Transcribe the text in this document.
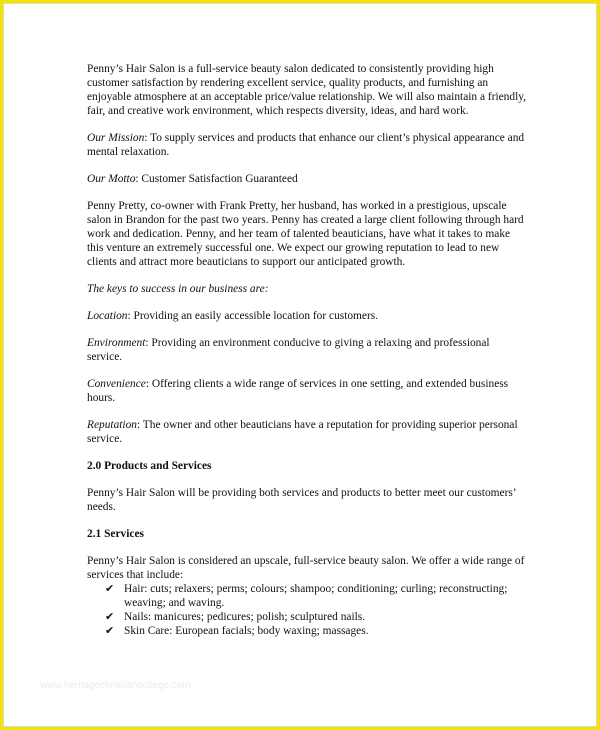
Penny’s Hair Salon is a full-service beauty salon dedicated to consistently providing high customer satisfaction by rendering excellent service, quality products, and furnishing an enjoyable atmosphere at an acceptable price/value relationship. We will also maintain a friendly, fair, and creative work environment, which respects diversity, ideas, and hard work.

Our Mission: To supply services and products that enhance our client’s physical appearance and mental relaxation.

Our Motto: Customer Satisfaction Guaranteed

Penny Pretty, co-owner with Frank Pretty, her husband, has worked in a prestigious, upscale salon in Brandon for the past two years. Penny has created a large client following through hard work and dedication. Penny, and her team of talented beauticians, have what it takes to make this venture an extremely successful one. We expect our growing reputation to lead to new clients and attract more beauticians to support our anticipated growth.

The keys to success in our business are:

Location: Providing an easily accessible location for customers.

Environment: Providing an environment conducive to giving a relaxing and professional service.

Convenience: Offering clients a wide range of services in one setting, and extended business hours.

Reputation: The owner and other beauticians have a reputation for providing superior personal service.

2.0 Products and Services

Penny’s Hair Salon will be providing both services and products to better meet our customers’ needs.

2.1 Services

Penny’s Hair Salon is considered an upscale, full-service beauty salon. We offer a wide range of services that include:

✔ Hair: cuts; relaxers; perms; colours; shampoo; conditioning; curling; reconstructing; weaving; and waving.
✔ Nails: manicures; pedicures; polish; sculptured nails.
✔ Skin Care: European facials; body waxing; massages.
www.heritagechristiancollege.com
